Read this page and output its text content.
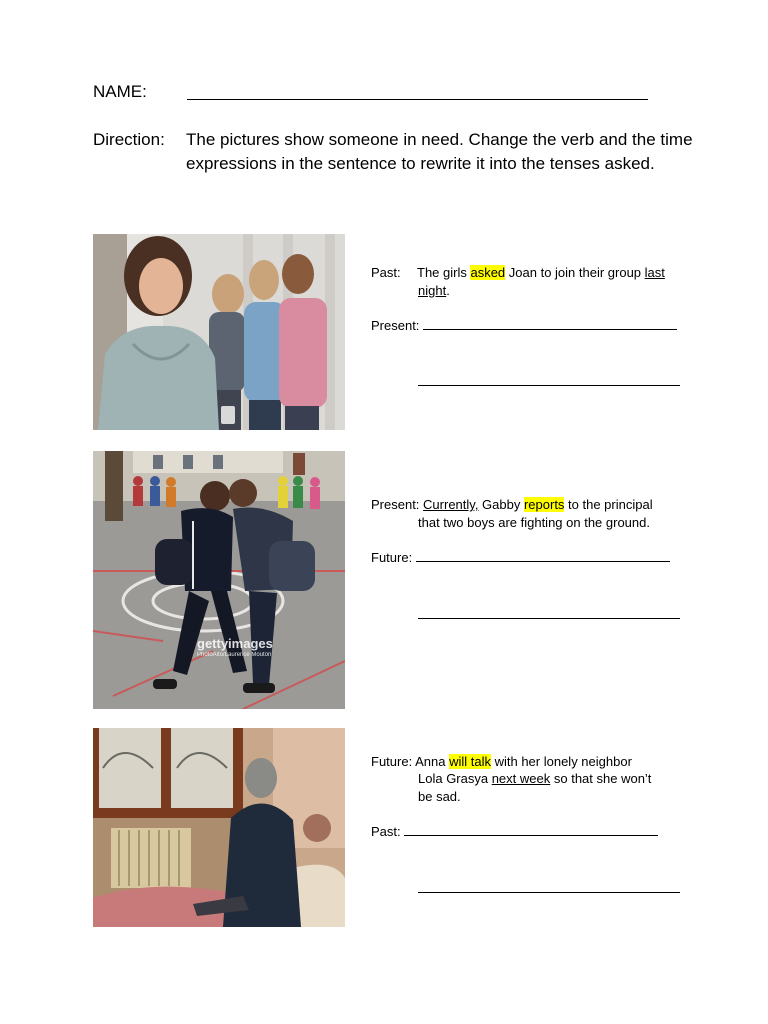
NAME:
Direction: The pictures show someone in need. Change the verb and the time expressions in the sentence to rewrite it into the tenses asked.
Past: The girls asked Joan to join their group last
night.
Present:
gettyimages
PhotoAlto/Laurence Mouton
Present: Currently, Gabby reports to the principal
that two boys are fighting on the ground.
Future:
Future: Anna will talk with her lonely neighbor
Lola Grasya next week so that she won’t
be sad.
Past:
